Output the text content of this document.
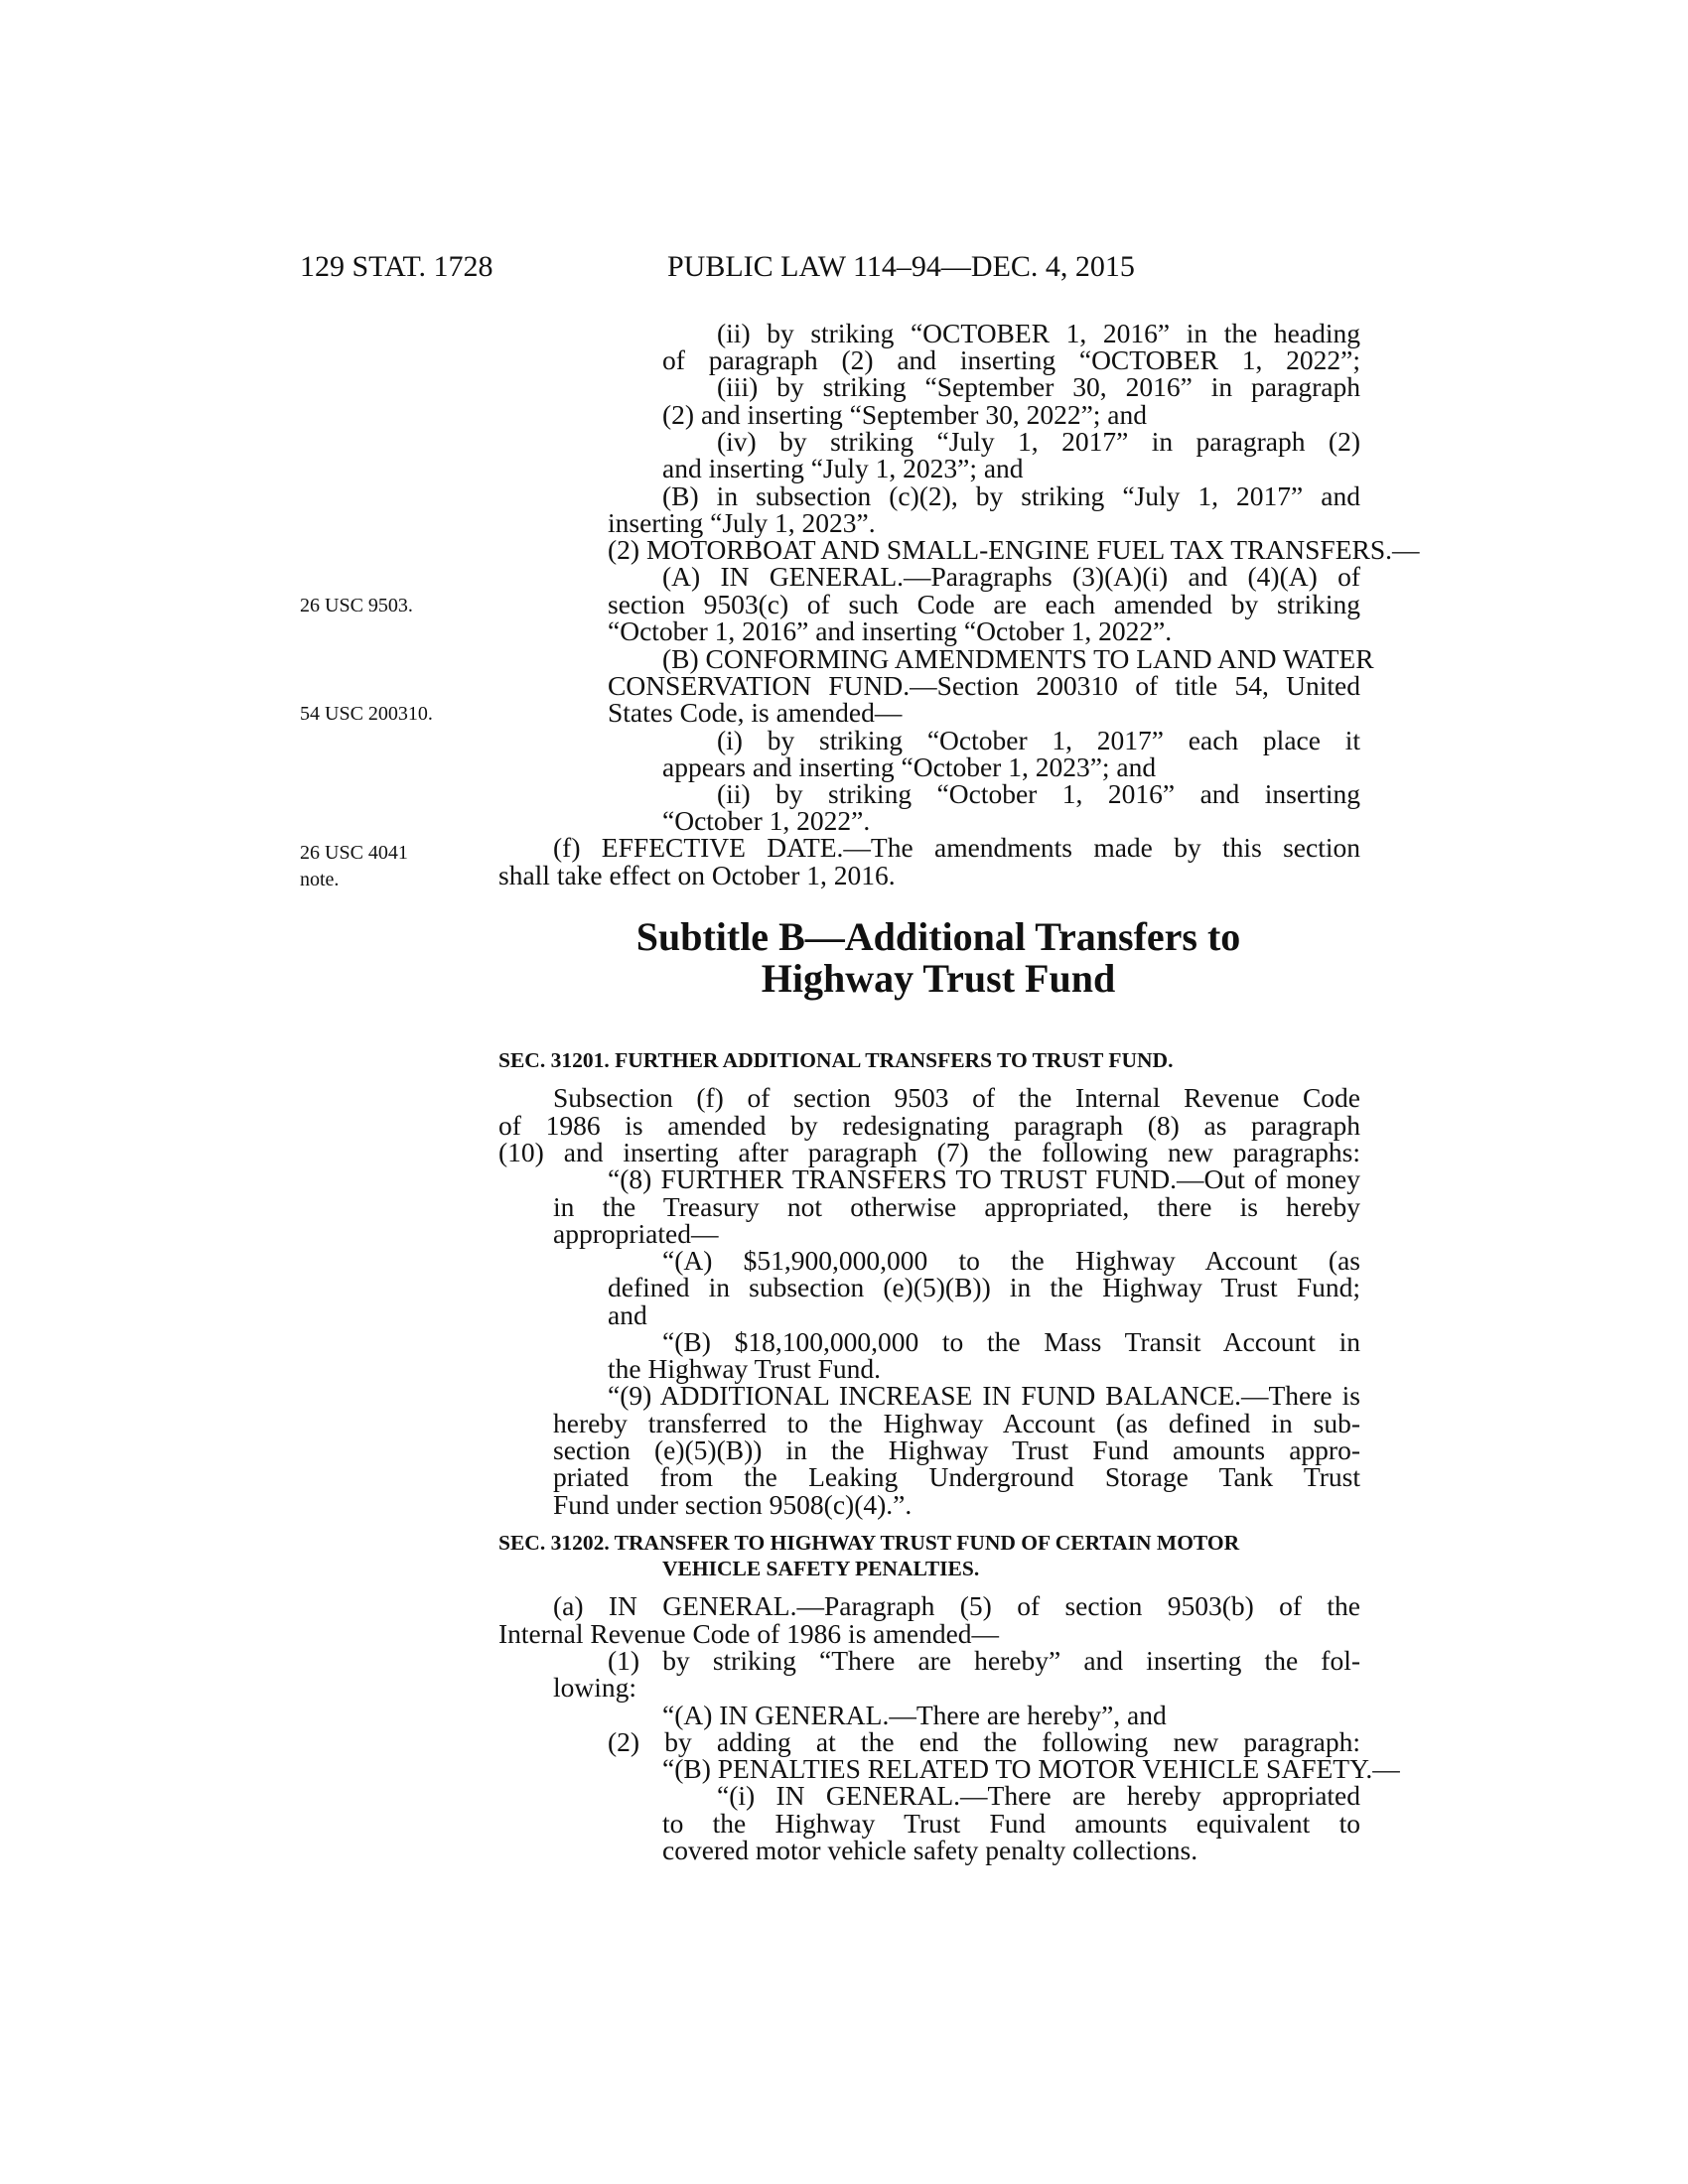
129 STAT. 1728	PUBLIC LAW 114–94—DEC. 4, 2015
26 USC 9503.
54 USC 200310.
26 USC 4041 note.
(ii) by striking “OCTOBER 1, 2016” in the heading
of paragraph (2) and inserting “OCTOBER 1, 2022”;
(iii) by striking “September 30, 2016” in paragraph
(2) and inserting “September 30, 2022”; and
(iv) by striking “July 1, 2017” in paragraph (2)
and inserting “July 1, 2023”; and
(B) in subsection (c)(2), by striking “July 1, 2017” and
inserting “July 1, 2023”.
(2) MOTORBOAT AND SMALL-ENGINE FUEL TAX TRANSFERS.—
(A) IN GENERAL.—Paragraphs (3)(A)(i) and (4)(A) of
section 9503(c) of such Code are each amended by striking
“October 1, 2016” and inserting “October 1, 2022”.
(B) CONFORMING AMENDMENTS TO LAND AND WATER
CONSERVATION FUND.—Section 200310 of title 54, United
States Code, is amended—
(i) by striking “October 1, 2017” each place it
appears and inserting “October 1, 2023”; and
(ii) by striking “October 1, 2016” and inserting
“October 1, 2022”.
(f) EFFECTIVE DATE.—The amendments made by this section
shall take effect on October 1, 2016.
Subtitle B—Additional Transfers to
Highway Trust Fund
SEC. 31201. FURTHER ADDITIONAL TRANSFERS TO TRUST FUND.
Subsection (f) of section 9503 of the Internal Revenue Code
of 1986 is amended by redesignating paragraph (8) as paragraph
(10) and inserting after paragraph (7) the following new paragraphs:
“(8) FURTHER TRANSFERS TO TRUST FUND.—Out of money
in the Treasury not otherwise appropriated, there is hereby
appropriated—
“(A) $51,900,000,000 to the Highway Account (as
defined in subsection (e)(5)(B)) in the Highway Trust Fund;
and
“(B) $18,100,000,000 to the Mass Transit Account in
the Highway Trust Fund.
“(9) ADDITIONAL INCREASE IN FUND BALANCE.—There is
hereby transferred to the Highway Account (as defined in sub-
section (e)(5)(B)) in the Highway Trust Fund amounts appro-
priated from the Leaking Underground Storage Tank Trust
Fund under section 9508(c)(4).”.
SEC. 31202. TRANSFER TO HIGHWAY TRUST FUND OF CERTAIN MOTOR
VEHICLE SAFETY PENALTIES.
(a) IN GENERAL.—Paragraph (5) of section 9503(b) of the
Internal Revenue Code of 1986 is amended—
(1) by striking “There are hereby” and inserting the fol-
lowing:
“(A) IN GENERAL.—There are hereby”, and
(2) by adding at the end the following new paragraph:
“(B) PENALTIES RELATED TO MOTOR VEHICLE SAFETY.—
“(i) IN GENERAL.—There are hereby appropriated
to the Highway Trust Fund amounts equivalent to
covered motor vehicle safety penalty collections.
